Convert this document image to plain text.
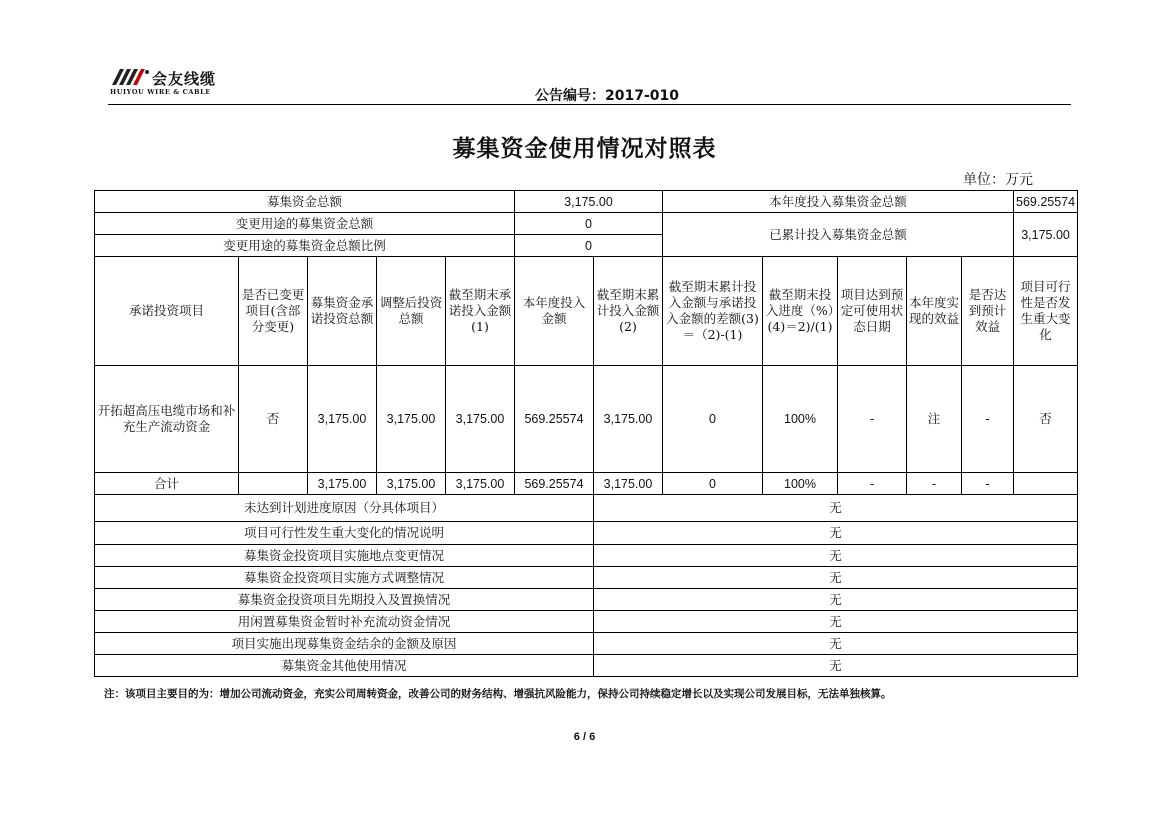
会友线缆
HUIYOU WIRE & CABLE	公告编号：2017-010
募集资金使用情况对照表
单位：万元
募集资金总额					3,175.00		本年度投入募集资金总额					569.25574
变更用途的募集资金总额					0		已累计投入募集资金总额					3,175.00
变更用途的募集资金总额比例					0							
承诺投资项目	是否已变更项目(含部分变更)	募集资金承诺投资总额	调整后投资总额	截至期末承诺投入金额(1)	本年度投入金额	截至期末累计投入金额(2)	截至期末累计投入金额与承诺投入金额的差额(3)＝（2)-(1)	截至期末投入进度（%）(4)＝2)/(1)	项目达到预定可使用状态日期	本年度实现的效益	是否达到预计效益	项目可行性是否发生重大变化
开拓超高压电缆市场和补充生产流动资金	否	3,175.00	3,175.00	3,175.00	569.25574	3,175.00	0	100%	-	注	-	否
合计		3,175.00	3,175.00	3,175.00	569.25574	3,175.00	0	100%	-	-	-	
未达到计划进度原因（分具体项目）						无						
项目可行性发生重大变化的情况说明						无						
募集资金投资项目实施地点变更情况						无						
募集资金投资项目实施方式调整情况						无						
募集资金投资项目先期投入及置换情况						无						
用闲置募集资金暂时补充流动资金情况						无						
项目实施出现募集资金结余的金额及原因						无						
募集资金其他使用情况						无						
注：该项目主要目的为：增加公司流动资金，充实公司周转资金，改善公司的财务结构、增强抗风险能力，保持公司持续稳定增长以及实现公司发展目标，无法单独核算。
6 / 6
